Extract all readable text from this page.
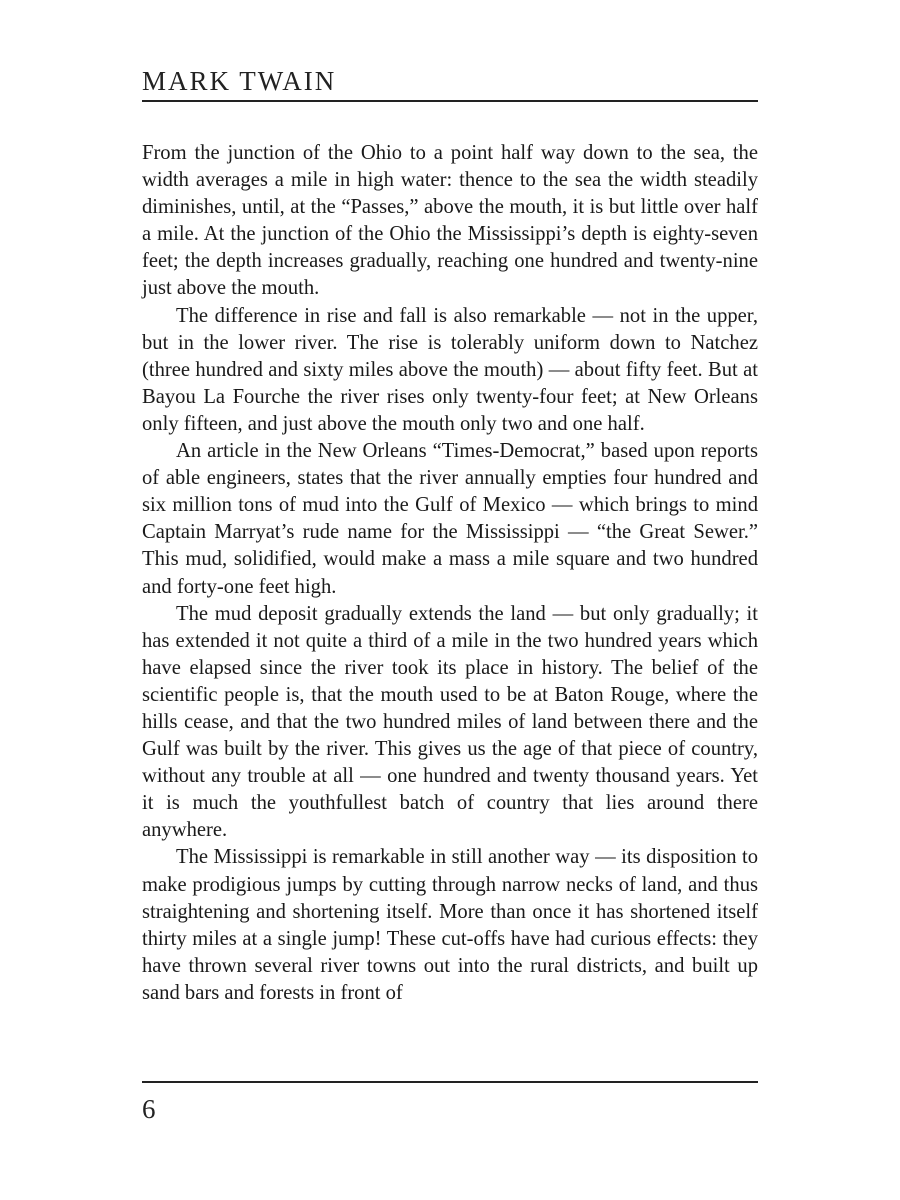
MARK TWAIN

From the junction of the Ohio to a point half way down to the sea, the width averages a mile in high water: thence to the sea the width steadily diminishes, until, at the “Passes,” above the mouth, it is but little over half a mile. At the junction of the Ohio the Mississippi’s depth is eighty-seven feet; the depth increases gradually, reaching one hundred and twenty-nine just above the mouth.

The difference in rise and fall is also remarkable — not in the upper, but in the lower river. The rise is tolerably uniform down to Natchez (three hundred and sixty miles above the mouth) — about fifty feet. But at Bayou La Fourche the river rises only twenty-four feet; at New Orleans only fifteen, and just above the mouth only two and one half.

An article in the New Orleans “Times-Democrat,” based upon reports of able engineers, states that the river annually empties four hundred and six million tons of mud into the Gulf of Mexico — which brings to mind Captain Marryat’s rude name for the Mississippi — “the Great Sewer.” This mud, solidified, would make a mass a mile square and two hundred and forty-one feet high.

The mud deposit gradually extends the land — but only gradually; it has extended it not quite a third of a mile in the two hundred years which have elapsed since the river took its place in history. The belief of the scientific people is, that the mouth used to be at Baton Rouge, where the hills cease, and that the two hundred miles of land between there and the Gulf was built by the river. This gives us the age of that piece of country, without any trouble at all — one hundred and twenty thousand years. Yet it is much the youthfullest batch of country that lies around there anywhere.

The Mississippi is remarkable in still another way — its disposition to make prodigious jumps by cutting through narrow necks of land, and thus straightening and shortening itself. More than once it has shortened itself thirty miles at a single jump! These cut-offs have had curious effects: they have thrown several river towns out into the rural districts, and built up sand bars and forests in front of

6
